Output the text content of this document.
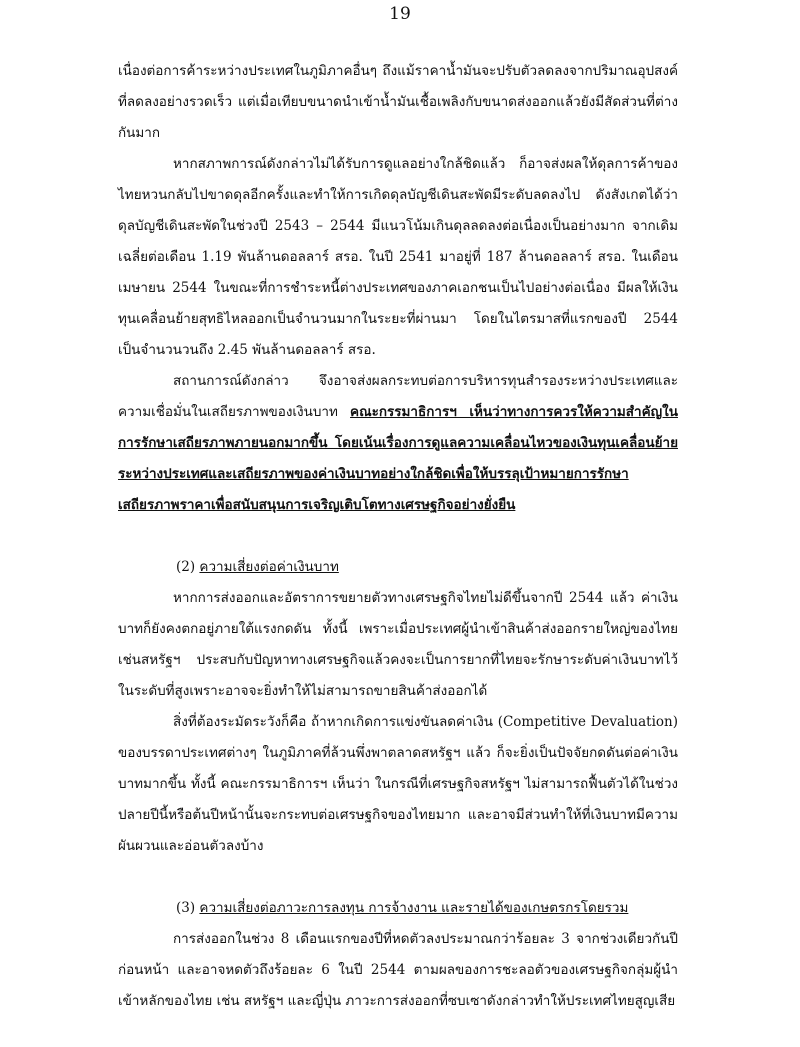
19

เนื่องต่อการค้าระหว่างประเทศในภูมิภาคอื่นๆ ถึงแม้ราคาน้ำมันจะปรับตัวลดลงจากปริมาณอุปสงค์ที่ลดลงอย่างรวดเร็ว แต่เมื่อเทียบขนาดนำเข้าน้ำมันเชื้อเพลิงกับขนาดส่งออกแล้วยังมีสัดส่วนที่ต่างกันมาก

หากสภาพการณ์ดังกล่าวไม่ได้รับการดูแลอย่างใกล้ชิดแล้ว ก็อาจส่งผลให้ดุลการค้าของไทยหวนกลับไปขาดดุลอีกครั้งและทำให้การเกิดดุลบัญชีเดินสะพัดมีระดับลดลงไป ดังสังเกตได้ว่าดุลบัญชีเดินสะพัดในช่วงปี 2543 – 2544 มีแนวโน้มเกินดุลลดลงต่อเนื่องเป็นอย่างมาก จากเดิมเฉลี่ยต่อเดือน 1.19 พันล้านดอลลาร์ สรอ. ในปี 2541 มาอยู่ที่ 187 ล้านดอลลาร์ สรอ. ในเดือนเมษายน 2544 ในขณะที่การชำระหนี้ต่างประเทศของภาคเอกชนเป็นไปอย่างต่อเนื่อง มีผลให้เงินทุนเคลื่อนย้ายสุทธิไหลออกเป็นจำนวนมากในระยะที่ผ่านมา โดยในไตรมาสที่แรกของปี 2544 เป็นจำนวนวนถึง 2.45 พันล้านดอลลาร์ สรอ.

สถานการณ์ดังกล่าว จึงอาจส่งผลกระทบต่อการบริหารทุนสำรองระหว่างประเทศและความเชื่อมั่นในเสถียรภาพของเงินบาท คณะกรรมาธิการฯ เห็นว่าทางการควรให้ความสำคัญในการรักษาเสถียรภาพภายนอกมากขึ้น โดยเน้นเรื่องการดูแลความเคลื่อนไหวของเงินทุนเคลื่อนย้ายระหว่างประเทศและเสถียรภาพของค่าเงินบาทอย่างใกล้ชิดเพื่อให้บรรลุเป้าหมายการรักษาเสถียรภาพราคาเพื่อสนับสนุนการเจริญเติบโตทางเศรษฐกิจอย่างยั่งยืน

(2) ความเสี่ยงต่อค่าเงินบาท

หากการส่งออกและอัตราการขยายตัวทางเศรษฐกิจไทยไม่ดีขึ้นจากปี 2544 แล้ว ค่าเงินบาทก็ยังคงตกอยู่ภายใต้แรงกดดัน ทั้งนี้ เพราะเมื่อประเทศผู้นำเข้าสินค้าส่งออกรายใหญ่ของไทยเช่นสหรัฐฯ ประสบกับปัญหาทางเศรษฐกิจแล้วคงจะเป็นการยากที่ไทยจะรักษาระดับค่าเงินบาทไว้ในระดับที่สูงเพราะอาจจะยิ่งทำให้ไม่สามารถขายสินค้าส่งออกได้

สิ่งที่ต้องระมัดระวังก็คือ ถ้าหากเกิดการแข่งขันลดค่าเงิน (Competitive Devaluation) ของบรรดาประเทศต่างๆ ในภูมิภาคที่ล้วนพึ่งพาตลาดสหรัฐฯ แล้ว ก็จะยิ่งเป็นปัจจัยกดดันต่อค่าเงินบาทมากขึ้น ทั้งนี้ คณะกรรมาธิการฯ เห็นว่า ในกรณีที่เศรษฐกิจสหรัฐฯ ไม่สามารถฟื้นตัวได้ในช่วงปลายปีนี้หรือต้นปีหน้านั้นจะกระทบต่อเศรษฐกิจของไทยมาก และอาจมีส่วนทำให้ที่เงินบาทมีความผันผวนและอ่อนตัวลงบ้าง

(3) ความเสี่ยงต่อภาวะการลงทุน การจ้างงาน และรายได้ของเกษตรกรโดยรวม

การส่งออกในช่วง 8 เดือนแรกของปีที่หดตัวลงประมาณกว่าร้อยละ 3 จากช่วงเดียวกันปีก่อนหน้า และอาจหดตัวถึงร้อยละ 6 ในปี 2544 ตามผลของการชะลอตัวของเศรษฐกิจกลุ่มผู้นำเข้าหลักของไทย เช่น สหรัฐฯ และญี่ปุ่น ภาวะการส่งออกที่ซบเซาดังกล่าวทำให้ประเทศไทยสูญเสีย
